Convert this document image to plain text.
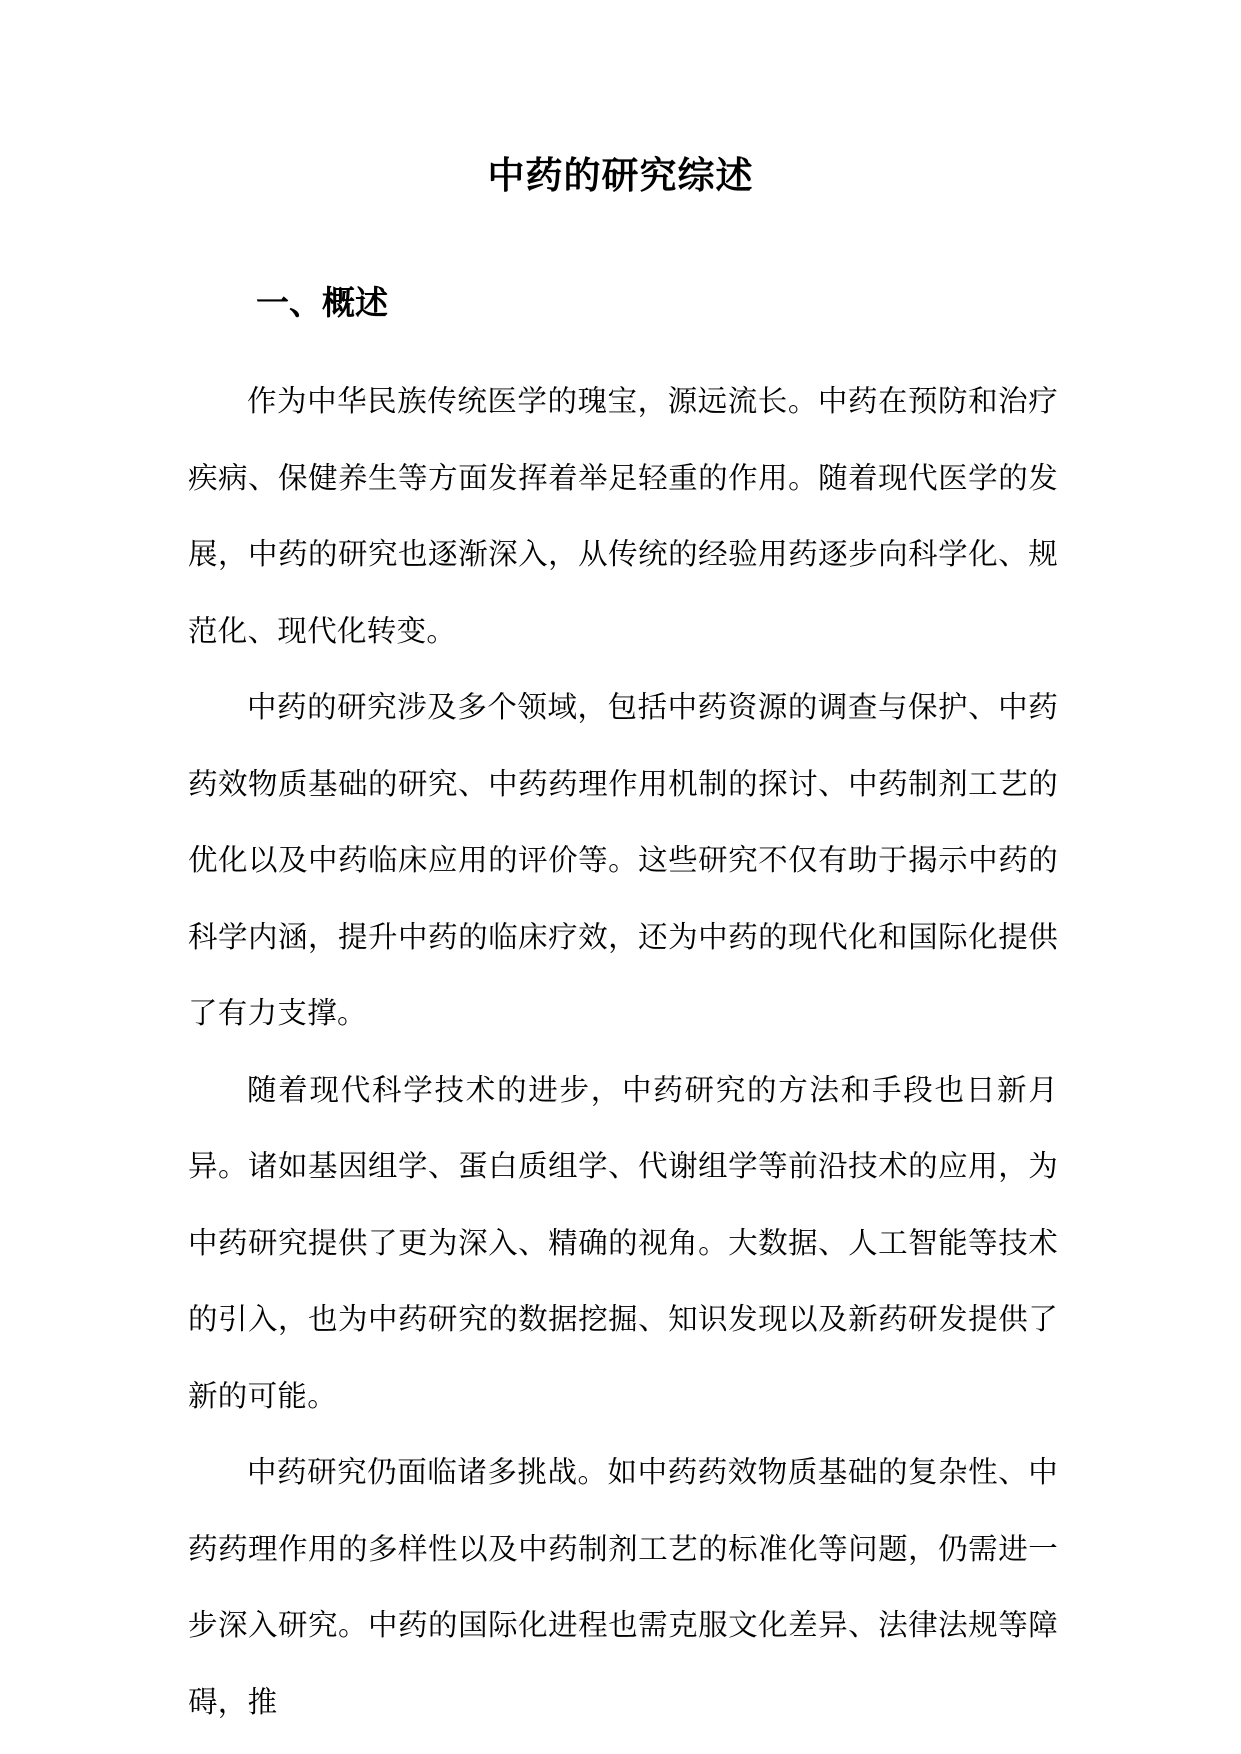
中药的研究综述
一、概述

作为中华民族传统医学的瑰宝，源远流长。中药在预防和治疗疾病、保健养生等方面发挥着举足轻重的作用。随着现代医学的发展，中药的研究也逐渐深入，从传统的经验用药逐步向科学化、规范化、现代化转变。

中药的研究涉及多个领域，包括中药资源的调查与保护、中药药效物质基础的研究、中药药理作用机制的探讨、中药制剂工艺的优化以及中药临床应用的评价等。这些研究不仅有助于揭示中药的科学内涵，提升中药的临床疗效，还为中药的现代化和国际化提供了有力支撑。

随着现代科学技术的进步，中药研究的方法和手段也日新月异。诸如基因组学、蛋白质组学、代谢组学等前沿技术的应用，为中药研究提供了更为深入、精确的视角。大数据、人工智能等技术的引入，也为中药研究的数据挖掘、知识发现以及新药研发提供了新的可能。

中药研究仍面临诸多挑战。如中药药效物质基础的复杂性、中药药理作用的多样性以及中药制剂工艺的标准化等问题，仍需进一步深入研究。中药的国际化进程也需克服文化差异、法律法规等障碍，推
